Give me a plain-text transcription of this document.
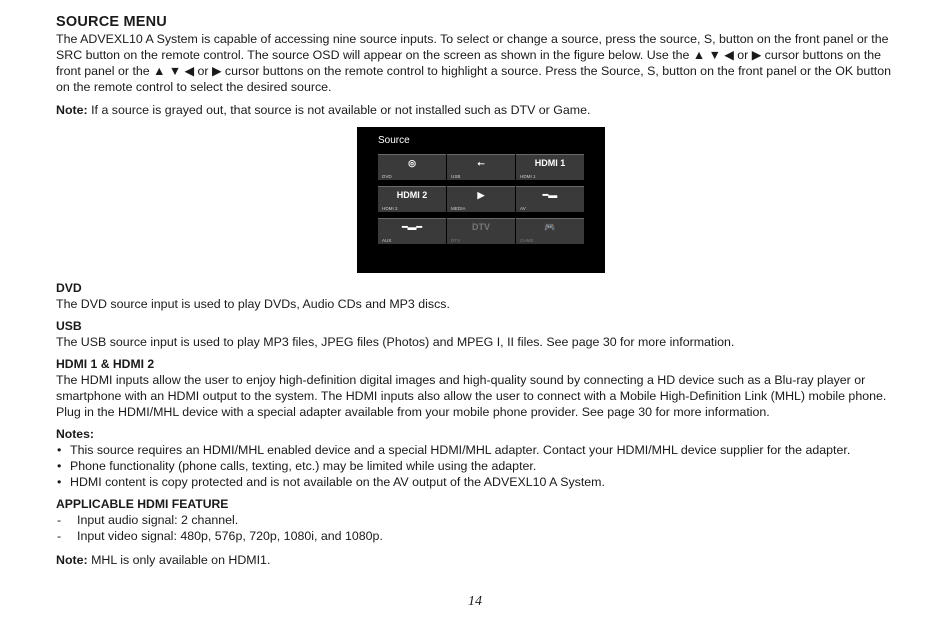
SOURCE MENU

The ADVEXL10 A System is capable of accessing nine source inputs. To select or change a source, press the source, S, button on the front panel or the SRC button on the remote control. The source OSD will appear on the screen as shown in the figure below. Use the ▲ ▼ ◀ or ▶ cursor buttons on the front panel or the ▲ ▼ ◀ or ▶ cursor buttons on the remote control to highlight a source. Press the Source, S, button on the front panel or the OK button on the remote control to select the desired source.

Note: If a source is grayed out, that source is not available or not installed such as DTV or Game.

Source
◎
DVD
⭠
USB
HDMI 1
HDMI 1
HDMI 2
HDMI 2
▶
MEDIA
━▬
AV
━▬━
AUX
DTV
DTV
🎮
GAME
DVD

The DVD source input is used to play DVDs, Audio CDs and MP3 discs.

USB

The USB source input is used to play MP3 files, JPEG files (Photos) and MPEG I, II files. See page 30 for more information.

HDMI 1 & HDMI 2

The HDMI inputs allow the user to enjoy high-definition digital images and high-quality sound by connecting a HD device such as a Blu-ray player or smartphone with an HDMI output to the system. The HDMI inputs also allow the user to connect with a Mobile High-Definition Link (MHL) mobile phone. Plug in the HDMI/MHL device with a special adapter available from your mobile phone provider. See page 30 for more information.

Notes:
• This source requires an HDMI/MHL enabled device and a special HDMI/MHL adapter. Contact your HDMI/MHL device supplier for the adapter.
• Phone functionality (phone calls, texting, etc.) may be limited while using the adapter.
• HDMI content is copy protected and is not available on the AV output of the ADVEXL10 A System.
APPLICABLE HDMI FEATURE
- Input audio signal: 2 channel.
- Input video signal: 480p, 576p, 720p, 1080i, and 1080p.

Note: MHL is only available on HDMI1.

14
